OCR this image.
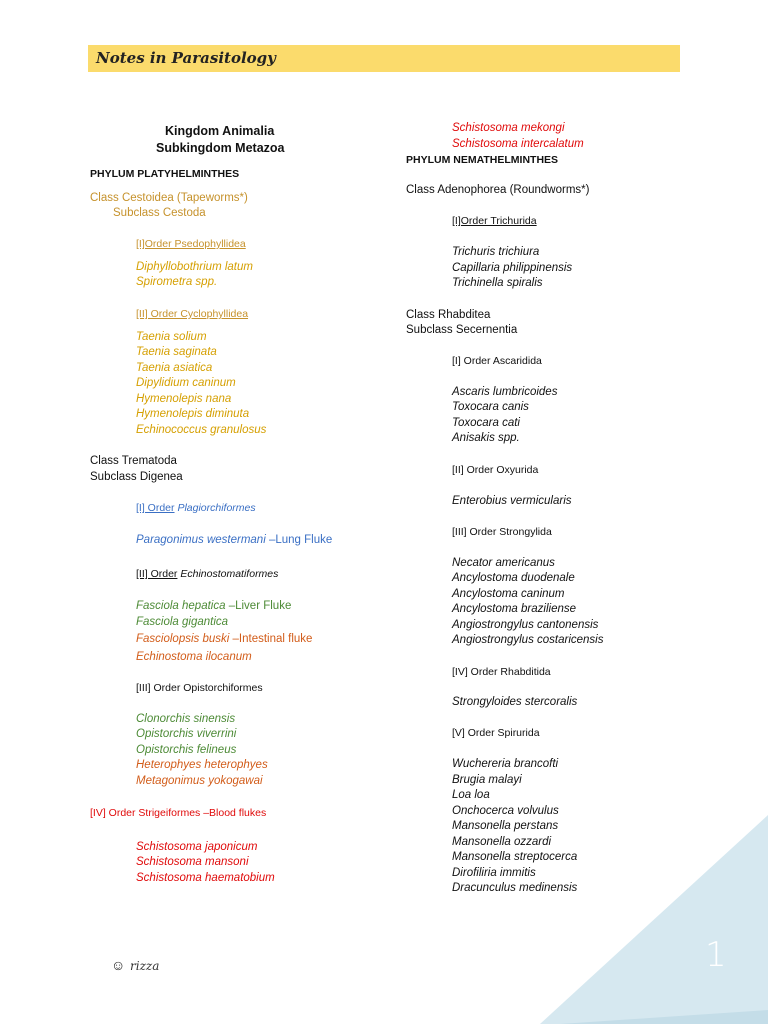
Notes in Parasitology
Kingdom Animalia
Subkingdom Metazoa
PHYLUM PLATYHELMINTHES
Class Cestoidea (Tapeworms*)
Subclass Cestoda
[I]Order Psedophyllidea
Diphyllobothrium latum
Spirometra spp.
[II] Order Cyclophyllidea
Taenia solium
Taenia saginata
Taenia asiatica
Dipylidium caninum
Hymenolepis nana
Hymenolepis diminuta
Echinococcus granulosus
Class Trematoda
Subclass Digenea
[I] Order Plagiorchiformes
Paragonimus westermani –Lung Fluke
[II] Order Echinostomatiformes
Fasciola hepatica –Liver Fluke
Fasciola gigantica
Fasciolopsis buski –Intestinal fluke
Echinostoma ilocanum
[III] Order Opistorchiformes
Clonorchis sinensis
Opistorchis viverrini
Opistorchis felineus
Heterophyes heterophyes
Metagonimus yokogawai
[IV] Order Strigeiformes –Blood flukes
Schistosoma japonicum
Schistosoma mansoni
Schistosoma haematobium
Schistosoma mekongi
Schistosoma intercalatum
PHYLUM NEMATHELMINTHES
Class Adenophorea (Roundworms*)
[I]Order Trichurida
Trichuris trichiura
Capillaria philippinensis
Trichinella spiralis
Class Rhabditea
Subclass Secernentia
[I] Order Ascaridida
Ascaris lumbricoides
Toxocara canis
Toxocara cati
Anisakis spp.
[II] Order Oxyurida
Enterobius vermicularis
[III] Order Strongylida
Necator americanus
Ancylostoma duodenale
Ancylostoma caninum
Ancylostoma braziliense
Angiostrongylus cantonensis
Angiostrongylus costaricensis
[IV] Order Rhabditida
Strongyloides stercoralis
[V] Order Spirurida
Wuchereria brancofti
Brugia malayi
Loa loa
Onchocerca volvulus
Mansonella perstans
Mansonella ozzardi
Mansonella streptocerca
Dirofiliria immitis
Dracunculus medinensis
☺ rizza	1
